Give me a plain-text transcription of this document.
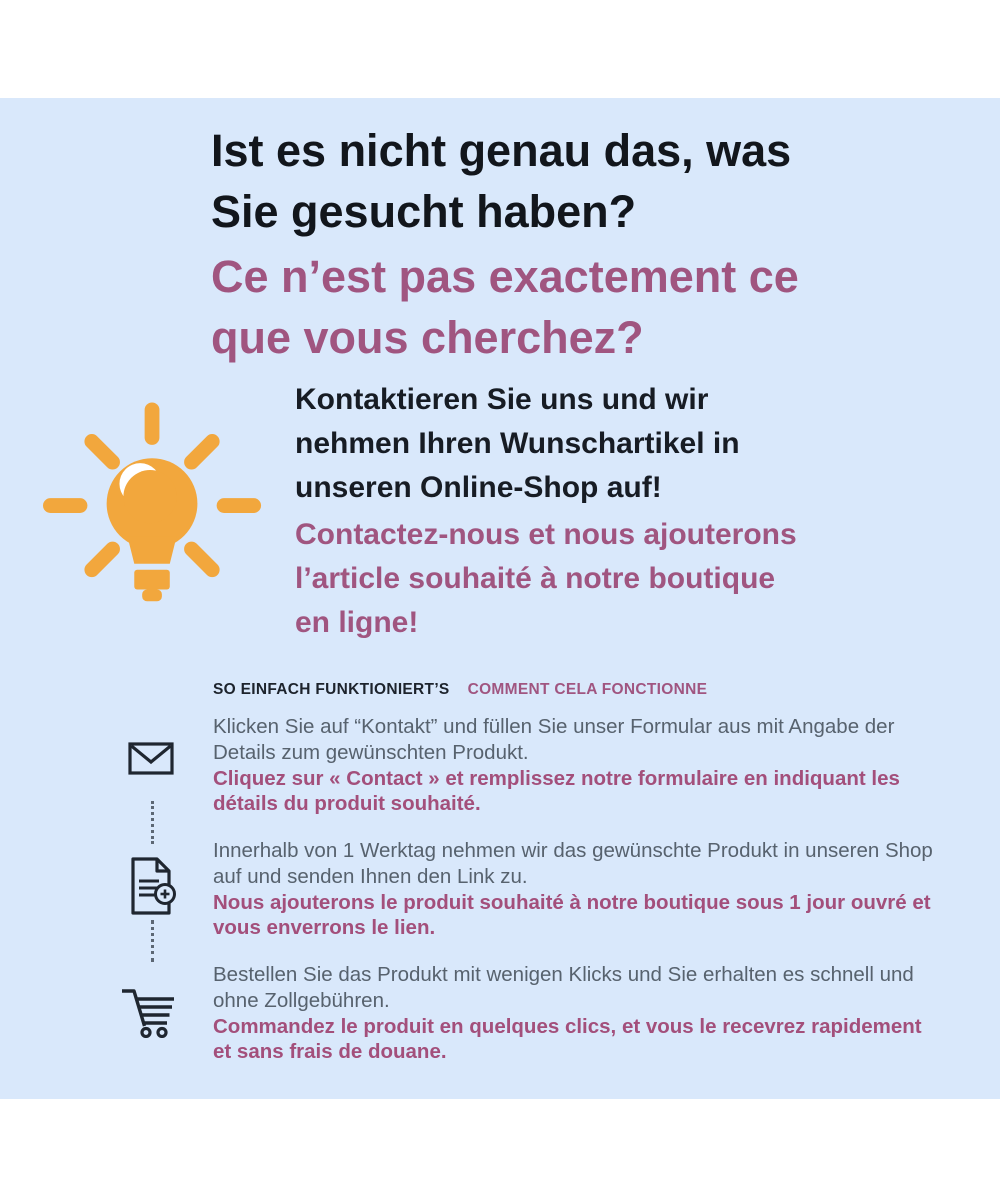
Ist es nicht genau das, was
Sie gesucht haben?
Ce n’est pas exactement ce
que vous cherchez?
Kontaktieren Sie uns und wir
nehmen Ihren Wunschartikel in
unseren Online-Shop auf!
Contactez-nous et nous ajouterons
l’article souhaité à notre boutique
en ligne!
SO EINFACH FUNKTIONIERT’S COMMENT CELA FONCTIONNE

Klicken Sie auf “Kontakt” und füllen Sie unser Formular aus mit Angabe der Details zum gewünschten Produkt.

Cliquez sur « Contact » et remplissez notre formulaire en indiquant les détails du produit souhaité.

Innerhalb von 1 Werktag nehmen wir das gewünschte Produkt in unseren Shop auf und senden Ihnen den Link zu.

Nous ajouterons le produit souhaité à notre boutique sous 1 jour ouvré et vous enverrons le lien.

Bestellen Sie das Produkt mit wenigen Klicks und Sie erhalten es schnell und ohne Zollgebühren.

Commandez le produit en quelques clics, et vous le recevrez rapidement et sans frais de douane.
